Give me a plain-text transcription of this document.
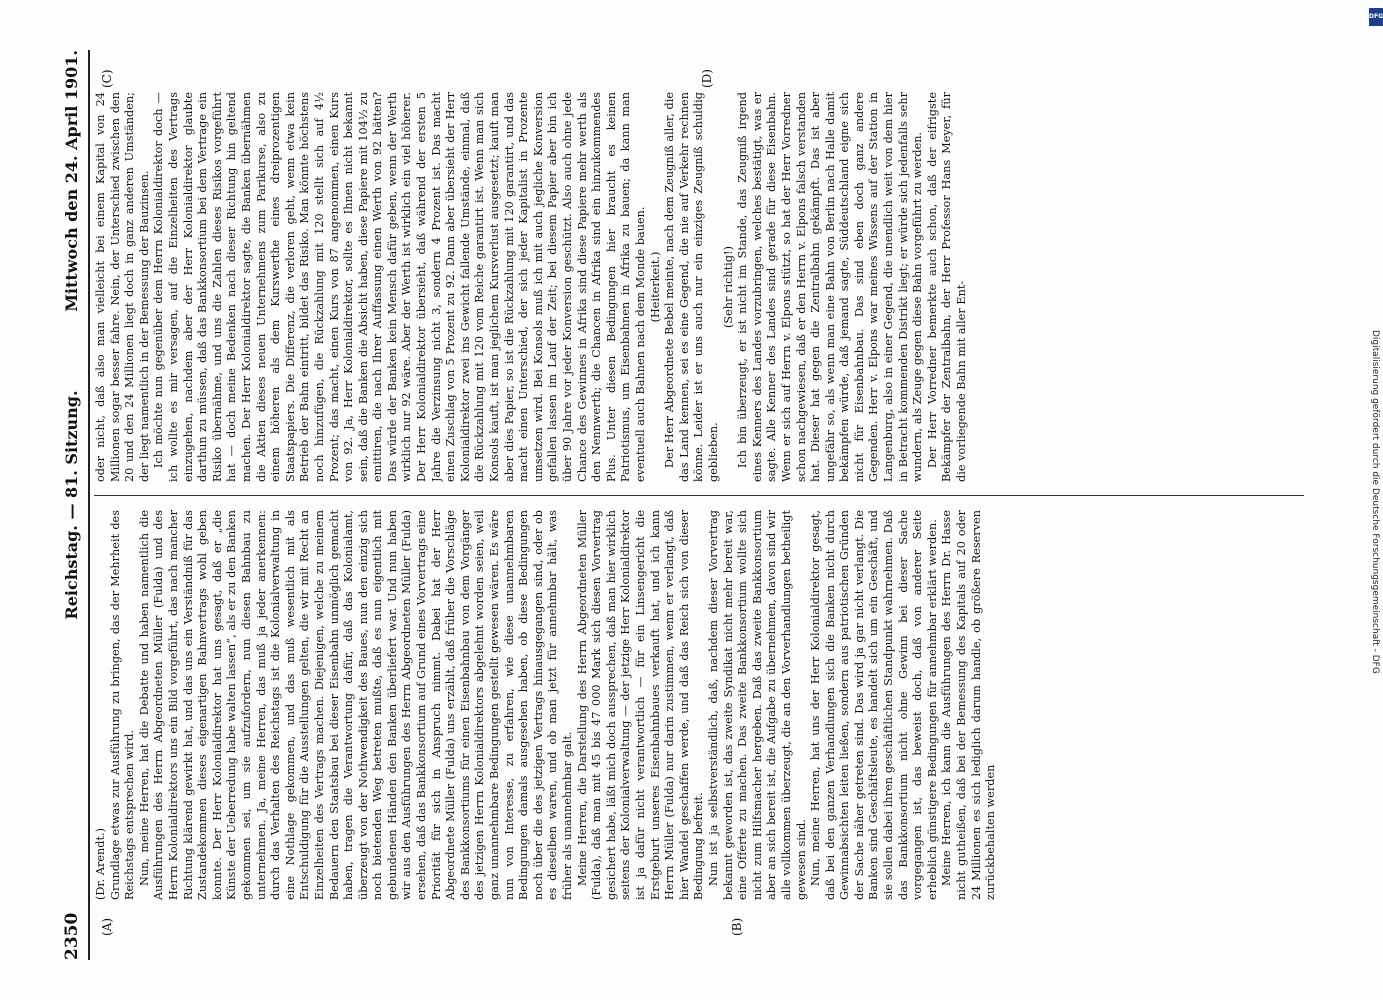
2350
Reichstag. — 81. Sitzung.
Mittwoch den 24. April 1901.
(A)	(B)
(C)	(D)

(Dr. Arendt.) Grundlage etwas zur Ausführung zu bringen, das der Mehrheit des Reichstags entsprechen wird. Nun, meine Herren, hat die Debatte und haben namentlich die Ausführungen des Herrn Abgeordneten Müller (Fulda) und des Herrn Kolonialdirektors uns ein Bild vorgeführt, das nach mancher Richtung klärend gewirkt hat, und das uns ein Verständniß für das Zustandekommen dieses eigenartigen Bahnvertrags wohl geben konnte. Der Herr Kolonialdirektor hat uns gesagt, daß er „die Künste der Ueberredung habe walten lassen“, als er zu den Banken gekommen sei, um sie aufzufordern, nun diesen Bahnbau zu unternehmen. Ja, meine Herren, das muß ja jeder anerkennen: durch das Verhalten des Reichstags ist die Kolonialverwaltung in eine Nothlage gekommen, und das muß wesentlich mit als Entschuldigung für die Ausstellungen gelten, die wir mit Recht an Einzelheiten des Vertrags machen. Diejenigen, welche zu meinem Bedauern den Staatsbau bei dieser Eisenbahn unmöglich gemacht haben, tragen die Verantwortung dafür, daß das Kolonialamt, überzeugt von der Nothwendigkeit des Baues, nun den einzig sich noch bietenden Weg betreten mußte, daß es nun eigentlich mit gebundenen Händen den Banken überliefert war. Und nun haben wir aus den Ausführungen des Herrn Abgeordneten Müller (Fulda) ersehen, daß das Bankkonsortium auf Grund eines Vorvertrags eine Priorität für sich in Anspruch nimmt. Dabei hat der Herr Abgeordnete Müller (Fulda) uns erzählt, daß früher die Vorschläge des Bankkonsortiums für einen Eisenbahnbau von dem Vorgänger des jetzigen Herrn Kolonialdirektors abgelehnt worden seien, weil ganz unannehmbare Bedingungen gestellt gewesen wären. Es wäre nun von Interesse, zu erfahren, wie diese unannehmbaren Bedingungen damals ausgesehen haben, ob diese Bedingungen noch über die des jetzigen Vertrags hinausgegangen sind, oder ob es dieselben waren, und ob man jetzt für annehmbar hält, was früher als unannehmbar galt. Meine Herren, die Darstellung des Herrn Abgeordneten Müller (Fulda), daß man mit 45 bis 47 000 Mark sich diesen Vorvertrag gesichert habe, läßt mich doch aussprechen, daß man hier wirklich seitens der Kolonialverwaltung — der jetzige Herr Kolonialdirektor ist ja dafür nicht verantwortlich — für ein Linsengericht die Erstgeburt unseres Eisenbahnbaues verkauft hat, und ich kann Herrn Müller (Fulda) nur darin zustimmen, wenn er verlangt, daß hier Wandel geschaffen werde, und daß das Reich sich von dieser Bedingung befreit. Nun ist ja selbstverständlich, daß, nachdem dieser Vorvertrag bekannt geworden ist, das zweite Syndikat nicht mehr bereit war, eine Offerte zu machen. Das zweite Bankkonsortium wollte sich nicht zum Hilfsmacher hergeben. Daß das zweite Bankkonsortium aber an sich bereit ist, die Aufgabe zu übernehmen, davon sind wir alle vollkommen überzeugt, die an den Vorverhandlungen betheiligt gewesen sind. Nun, meine Herren, hat uns der Herr Kolonialdirektor gesagt, daß bei den ganzen Verhandlungen sich die Banken nicht durch Gewinnabsichten leiten ließen, sondern aus patriotischen Gründen der Sache näher getreten sind. Das wird ja gar nicht verlangt. Die Banken sind Geschäftsleute, es handelt sich um ein Geschäft, und sie sollen dabei ihren geschäftlichen Standpunkt wahrnehmen. Daß das Bankkonsortium nicht ohne Gewinn bei dieser Sache vorgegangen ist, das beweist doch, daß von anderer Seite erheblich günstigere Bedingungen für annehmbar erklärt werden. Meine Herren, ich kann die Ausführungen des Herrn Dr. Hasse nicht gutheißen, daß bei der Bemessung des Kapitals auf 20 oder 24 Millionen es sich lediglich darum handle, ob größere Reserven zurückbehalten werden

oder nicht, daß also man vielleicht bei einem Kapital von 24 Millionen sogar besser fahre. Nein, der Unterschied zwischen den 20 und den 24 Millionen liegt doch in ganz anderen Umständen; der liegt namentlich in der Bemessung der Bauzinsen. Ich möchte nun gegenüber dem Herrn Kolonialdirektor doch — ich wollte es mir versagen, auf die Einzelheiten des Vertrags einzugehen, nachdem aber der Herr Kolonialdirektor glaubte darthun zu müssen, daß das Bankkonsortium bei dem Vertrage ein Risiko übernähme, und uns die Zahlen dieses Risikos vorgeführt hat — doch meine Bedenken nach dieser Richtung hin geltend machen. Der Herr Kolonialdirektor sagte, die Banken übernähmen die Aktien dieses neuen Unternehmens zum Parikurse, also zu einem höheren als dem Kurswerthe eines dreiprozentigen Staatspapiers. Die Differenz, die verloren geht, wenn etwa kein Betrieb der Bahn eintritt, bildet das Risiko. Man könnte höchstens noch hinzufügen, die Rückzahlung mit 120 stellt sich auf 4½ Prozent; das macht, einen Kurs von 87 angenommen, einen Kurs von 92. Ja, Herr Kolonialdirektor, sollte es Ihnen nicht bekannt sein, daß die Banken die Absicht haben, diese Papiere mit 104½ zu emittiren, die nach Ihrer Auffassung einen Werth von 92 hätten? Das würde der Banken kein Mensch dafür geben, wenn der Werth wirklich nur 92 wäre. Aber der Werth ist wirklich ein viel höherer. Der Herr Kolonialdirektor übersieht, daß während der ersten 5 Jahre die Verzinsung nicht 3, sondern 4 Prozent ist. Das macht einen Zuschlag von 5 Prozent zu 92. Dann aber übersieht der Herr Kolonialdirektor zwei ins Gewicht fallende Umstände, einmal, daß die Rückzahlung mit 120 vom Reiche garantirt ist. Wenn man sich Konsols kauft, ist man jeglichem Kursverlust ausgesetzt; kauft man aber dies Papier, so ist die Rückzahlung mit 120 garantirt, und das macht einen Unterschied, der sich jeder Kapitalist in Prozente umsetzen wird. Bei Konsols muß ich mit auch jegliche Konversion gefallen lassen im Lauf der Zeit; bei diesem Papier aber bin ich über 90 Jahre vor jeder Konversion geschützt. Also auch ohne jede Chance des Gewinnes in Afrika sind diese Papiere mehr werth als den Nennwerth; die Chancen in Afrika sind ein hinzukommendes Plus. Unter diesen Bedingungen hier braucht es keinen Patriotismus, um Eisenbahnen in Afrika zu bauen; da kann man eventuell auch Bahnen nach dem Monde bauen. (Heiterkeit.) Der Herr Abgeordnete Bebel meinte, nach dem Zeugniß aller, die das Land kennen, sei es eine Gegend, die nie auf Verkehr rechnen könne. Leider ist er uns auch nur ein einziges Zeugniß schuldig geblieben.

(Sehr richtig!) Ich bin überzeugt, er ist nicht im Stande, das Zeugniß irgend eines Kenners des Landes vorzubringen, welches bestätigt, was er sagte. Alle Kenner des Landes sind gerade für diese Eisenbahn. Wenn er sich auf Herrn v. Elpons stützt, so hat der Herr Vorredner schon nachgewiesen, daß er den Herrn v. Elpons falsch verstanden hat. Dieser hat gegen die Zentralbahn gekämpft. Das ist aber ungefähr so, als wenn man eine Bahn von Berlin nach Halle damit bekämpfen würde, daß jemand sagte, Süddeutschland eigne sich nicht für Eisenbahnbau. Das sind eben doch ganz andere Gegenden. Herr v. Elpons war meines Wissens auf der Station in Langenburg, also in einer Gegend, die unendlich weit von dem hier in Betracht kommenden Distrikt liegt; er würde sich jedenfalls sehr wundern, als Zeuge gegen diese Bahn vorgeführt zu werden. Der Herr Vorredner bemerkte auch schon, daß der eifrigste Bekämpfer der Zentralbahn, der Herr Professor Hans Meyer, für die vorliegende Bahn mit aller Ent-

DFG
Digitalisierung gefördert durch die Deutsche Forschungsgemeinschaft - DFG
